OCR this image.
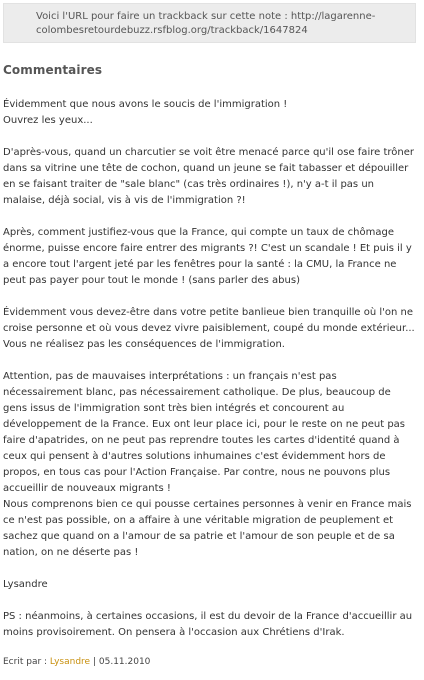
Voici l'URL pour faire un trackback sur cette note : http://lagarenne-colombesretourdebuzz.rsfblog.org/trackback/1647824
Commentaires

Évidemment que nous avons le soucis de l'immigration !
Ouvrez les yeux...

D'après-vous, quand un charcutier se voit être menacé parce qu'il ose faire trôner dans sa vitrine une tête de cochon, quand un jeune se fait tabasser et dépouiller en se faisant traiter de "sale blanc" (cas très ordinaires !), n'y a-t il pas un malaise, déjà social, vis à vis de l'immigration ?!

Après, comment justifiez-vous que la France, qui compte un taux de chômage énorme, puisse encore faire entrer des migrants ?! C'est un scandale ! Et puis il y a encore tout l'argent jeté par les fenêtres pour la santé : la CMU, la France ne peut pas payer pour tout le monde ! (sans parler des abus)

Évidemment vous devez-être dans votre petite banlieue bien tranquille où l'on ne croise personne et où vous devez vivre paisiblement, coupé du monde extérieur...
Vous ne réalisez pas les conséquences de l'immigration.

Attention, pas de mauvaises interprétations : un français n'est pas nécessairement blanc, pas nécessairement catholique. De plus, beaucoup de gens issus de l'immigration sont très bien intégrés et concourent au développement de la France. Eux ont leur place ici, pour le reste on ne peut pas faire d'apatrides, on ne peut pas reprendre toutes les cartes d'identité quand à ceux qui pensent à d'autres solutions inhumaines c'est évidemment hors de propos, en tous cas pour l'Action Française. Par contre, nous ne pouvons plus accueillir de nouveaux migrants !
Nous comprenons bien ce qui pousse certaines personnes à venir en France mais ce n'est pas possible, on a affaire à une véritable migration de peuplement et sachez que quand on a l'amour de sa patrie et l'amour de son peuple et de sa nation, on ne déserte pas !

Lysandre

PS : néanmoins, à certaines occasions, il est du devoir de la France d'accueillir au moins provisoirement. On pensera à l'occasion aux Chrétiens d'Irak.

Ecrit par : Lysandre | 05.11.2010
